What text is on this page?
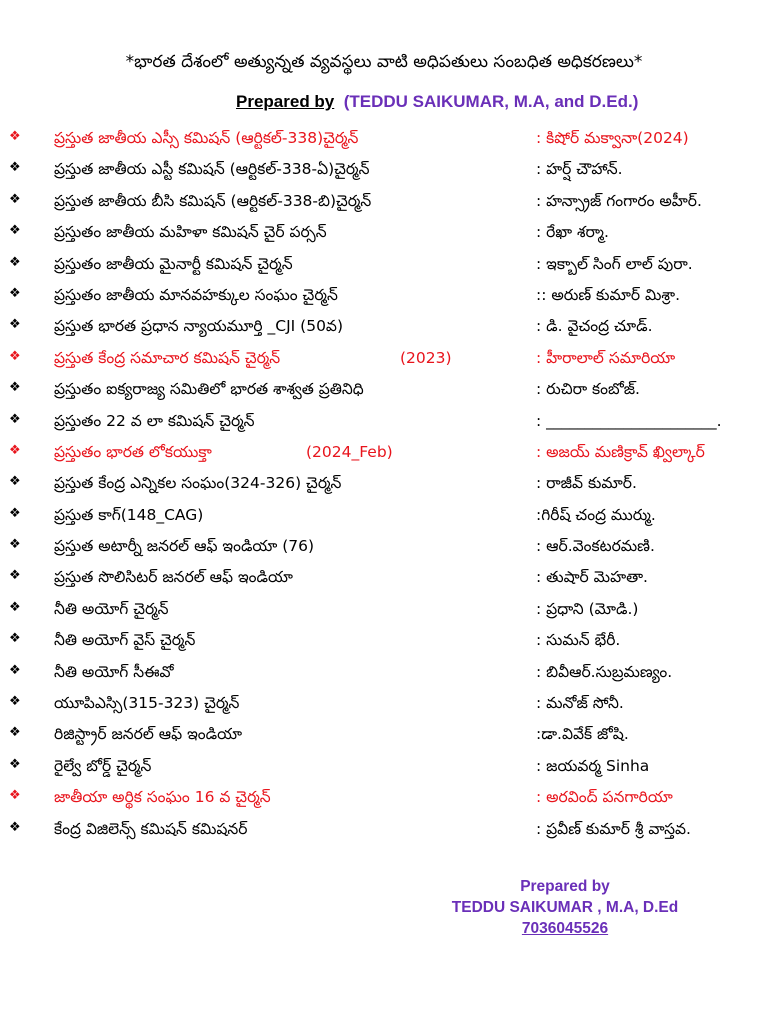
*భారత దేశంలో అత్యున్నత వ్యవస్థలు వాటి అధిపతులు సంబధిత అధికరణలు*
Prepared by (TEDDU SAIKUMAR, M.A, and D.Ed.)
❖ ప్రస్తుత జాతీయ ఎస్సీ కమిషన్ (ఆర్టికల్-338)చైర్మన్	: కిషోర్ మక్వానా(2024)
❖ ప్రస్తుత జాతీయ ఎస్టీ కమిషన్ (ఆర్టికల్-338-ఏ)చైర్మన్	: హర్ష్ చౌహాన్.
❖ ప్రస్తుత జాతీయ బీసి కమిషన్ (ఆర్టికల్-338-బి)చైర్మన్	: హన్స్రాజ్ గంగారం అహీర్.
❖ ప్రస్తుతం జాతీయ మహిళా కమిషన్ చైర్ పర్సన్	: రేఖా శర్మా.
❖ ప్రస్తుతం జాతీయ మైనార్టీ కమిషన్ చైర్మన్	: ఇక్బాల్ సింగ్ లాల్ పురా.
❖ ప్రస్తుతం జాతీయ మానవహక్కుల సంఘం చైర్మన్	:: అరుణ్ కుమార్ మిశ్రా.
❖ ప్రస్తుత భారత ప్రధాన న్యాయమూర్తి _CJI (50వ)	: డి. వైచంద్ర చూడ్.
❖ ప్రస్తుత కేంద్ర సమాచార కమిషన్ చైర్మన్	(2023)	: హీరాలాల్ సమారియా
❖ ప్రస్తుతం ఐక్యరాజ్య సమితిలో భారత శాశ్వత ప్రతినిధి	: రుచిరా కంబోజ్.
❖ ప్రస్తుతం 22 వ లా కమిషన్ చైర్మన్	: ______________________.
❖ ప్రస్తుతం భారత లోకయుక్తా	(2024_Feb)	: అజయ్ మణిక్రావ్ ఖ్విల్కార్
❖ ప్రస్తుత కేంద్ర ఎన్నికల సంఘం(324-326) చైర్మన్	: రాజీవ్ కుమార్.
❖ ప్రస్తుత కాగ్(148_CAG)	:గిరీష్ చంద్ర ముర్ము.
❖ ప్రస్తుత అటార్నీ జనరల్ ఆఫ్ ఇండియా (76)	: ఆర్.వెంకటరమణి.
❖ ప్రస్తుత సొలిసిటర్ జనరల్ ఆఫ్ ఇండియా	: తుషార్ మెహతా.
❖ నీతి అయోగ్ చైర్మన్	: ప్రధాని (మోడి.)
❖ నీతి అయోగ్ వైస్ చైర్మన్	: సుమన్ భేరీ.
❖ నీతి అయోగ్ సీఈవో	: బివీఆర్.సుబ్రమణ్యం.
❖ యూపిఎస్సి(315-323) చైర్మన్	: మనోజ్ సోనీ.
❖ రిజిస్ట్రార్ జనరల్ ఆఫ్ ఇండియా	:డా.వివేక్ జోషి.
❖ రైల్వే బోర్డ్ చైర్మన్	: జయవర్మ Sinha
❖ జాతీయా అర్థిక సంఘం 16 వ చైర్మన్	: అరవింద్ పనగారియా
❖ కేంద్ర విజిలెన్స్ కమిషన్ కమిషనర్	: ప్రవీణ్ కుమార్ శ్రీ వాస్తవ.
Prepared by
TEDDU SAIKUMAR , M.A, D.Ed
7036045526
